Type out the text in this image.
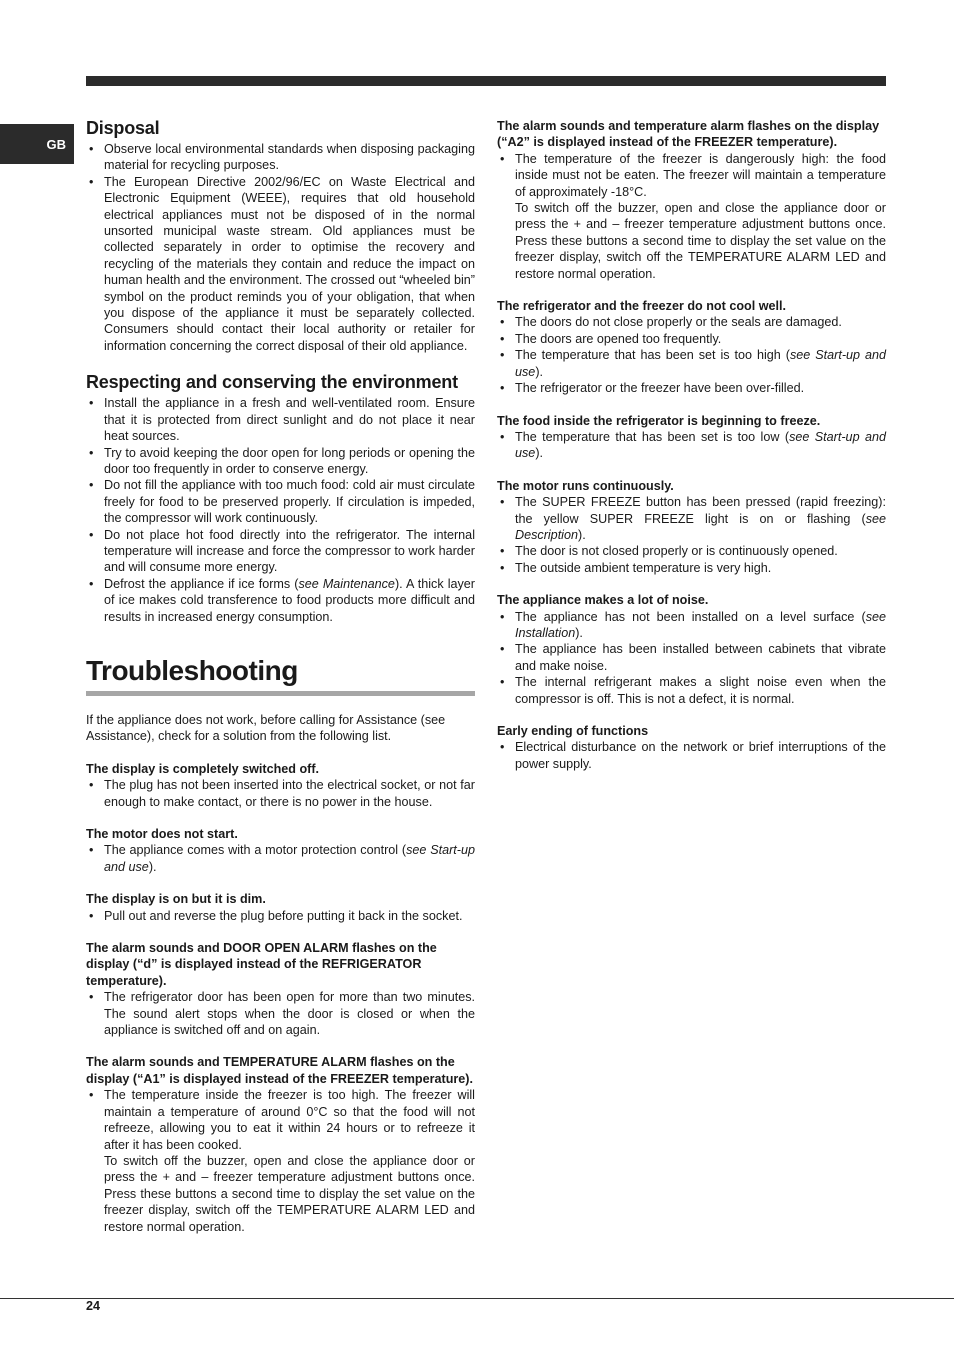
GB
Disposal
• Observe local environmental standards when disposing packaging material for recycling purposes.
• The European Directive 2002/96/EC on Waste Electrical and Electronic Equipment (WEEE), requires that old household electrical appliances must not be disposed of in the normal unsorted municipal waste stream. Old appliances must be collected separately in order to optimise the recovery and recycling of the materials they contain and reduce the impact on human health and the environment. The crossed out “wheeled bin” symbol on the product reminds you of your obligation, that when you dispose of the appliance it must be separately collected. Consumers should contact their local authority or retailer for information concerning the correct disposal of their old appliance.
Respecting and conserving the environment
• Install the appliance in a fresh and well-ventilated room. Ensure that it is protected from direct sunlight and do not place it near heat sources.
• Try to avoid keeping the door open for long periods or opening the door too frequently in order to conserve energy.
• Do not fill the appliance with too much food: cold air must circulate freely for food to be preserved properly. If circulation is impeded, the compressor will work continuously.
• Do not place hot food directly into the refrigerator. The internal temperature will increase and force the compressor to work harder and will consume more energy.
• Defrost the appliance if ice forms (see Maintenance). A thick layer of ice makes cold transference to food products more difficult and results in increased energy consumption.
Troubleshooting

If the appliance does not work, before calling for Assistance (see Assistance), check for a solution from the following list.

The display is completely switched off.
• The plug has not been inserted into the electrical socket, or not far enough to make contact, or there is no power in the house.
The motor does not start.
• The appliance comes with a motor protection control (see Start-up and use).
The display is on but it is dim.
• Pull out and reverse the plug before putting it back in the socket.
The alarm sounds and DOOR OPEN ALARM flashes on the display (“d” is displayed instead of the REFRIGERATOR temperature).
• The refrigerator door has been open for more than two minutes. The sound alert stops when the door is closed or when the appliance is switched off and on again.
The alarm sounds and TEMPERATURE ALARM flashes on the display (“A1” is displayed instead of the FREEZER temperature).
• The temperature inside the freezer is too high. The freezer will maintain a temperature of around 0°C so that the food will not refreeze, allowing you to eat it within 24 hours or to refreeze it after it has been cooked.
To switch off the buzzer, open and close the appliance door or press the + and – freezer temperature adjustment buttons once. Press these buttons a second time to display the set value on the freezer display, switch off the TEMPERATURE ALARM LED and restore normal operation.
The alarm sounds and temperature alarm flashes on the display (“A2” is displayed instead of the FREEZER temperature).
• The temperature of the freezer is dangerously high: the food inside must not be eaten. The freezer will maintain a temperature of approximately -18°C.
To switch off the buzzer, open and close the appliance door or press the + and – freezer temperature adjustment buttons once. Press these buttons a second time to display the set value on the freezer display, switch off the TEMPERATURE ALARM LED and restore normal operation.
The refrigerator and the freezer do not cool well.
• The doors do not close properly or the seals are damaged.
• The doors are opened too frequently.
• The temperature that has been set is too high (see Start-up and use).
• The refrigerator or the freezer have been over-filled.
The food inside the refrigerator is beginning to freeze.
• The temperature that has been set is too low (see Start-up and use).
The motor runs continuously.
• The SUPER FREEZE button has been pressed (rapid freezing): the yellow SUPER FREEZE light is on or flashing (see Description).
• The door is not closed properly or is continuously opened.
• The outside ambient temperature is very high.
The appliance makes a lot of noise.
• The appliance has not been installed on a level surface (see Installation).
• The appliance has been installed between cabinets that vibrate and make noise.
• The internal refrigerant makes a slight noise even when the compressor is off. This is not a defect, it is normal.
Early ending of functions
• Electrical disturbance on the network or brief interruptions of the power supply.
24
